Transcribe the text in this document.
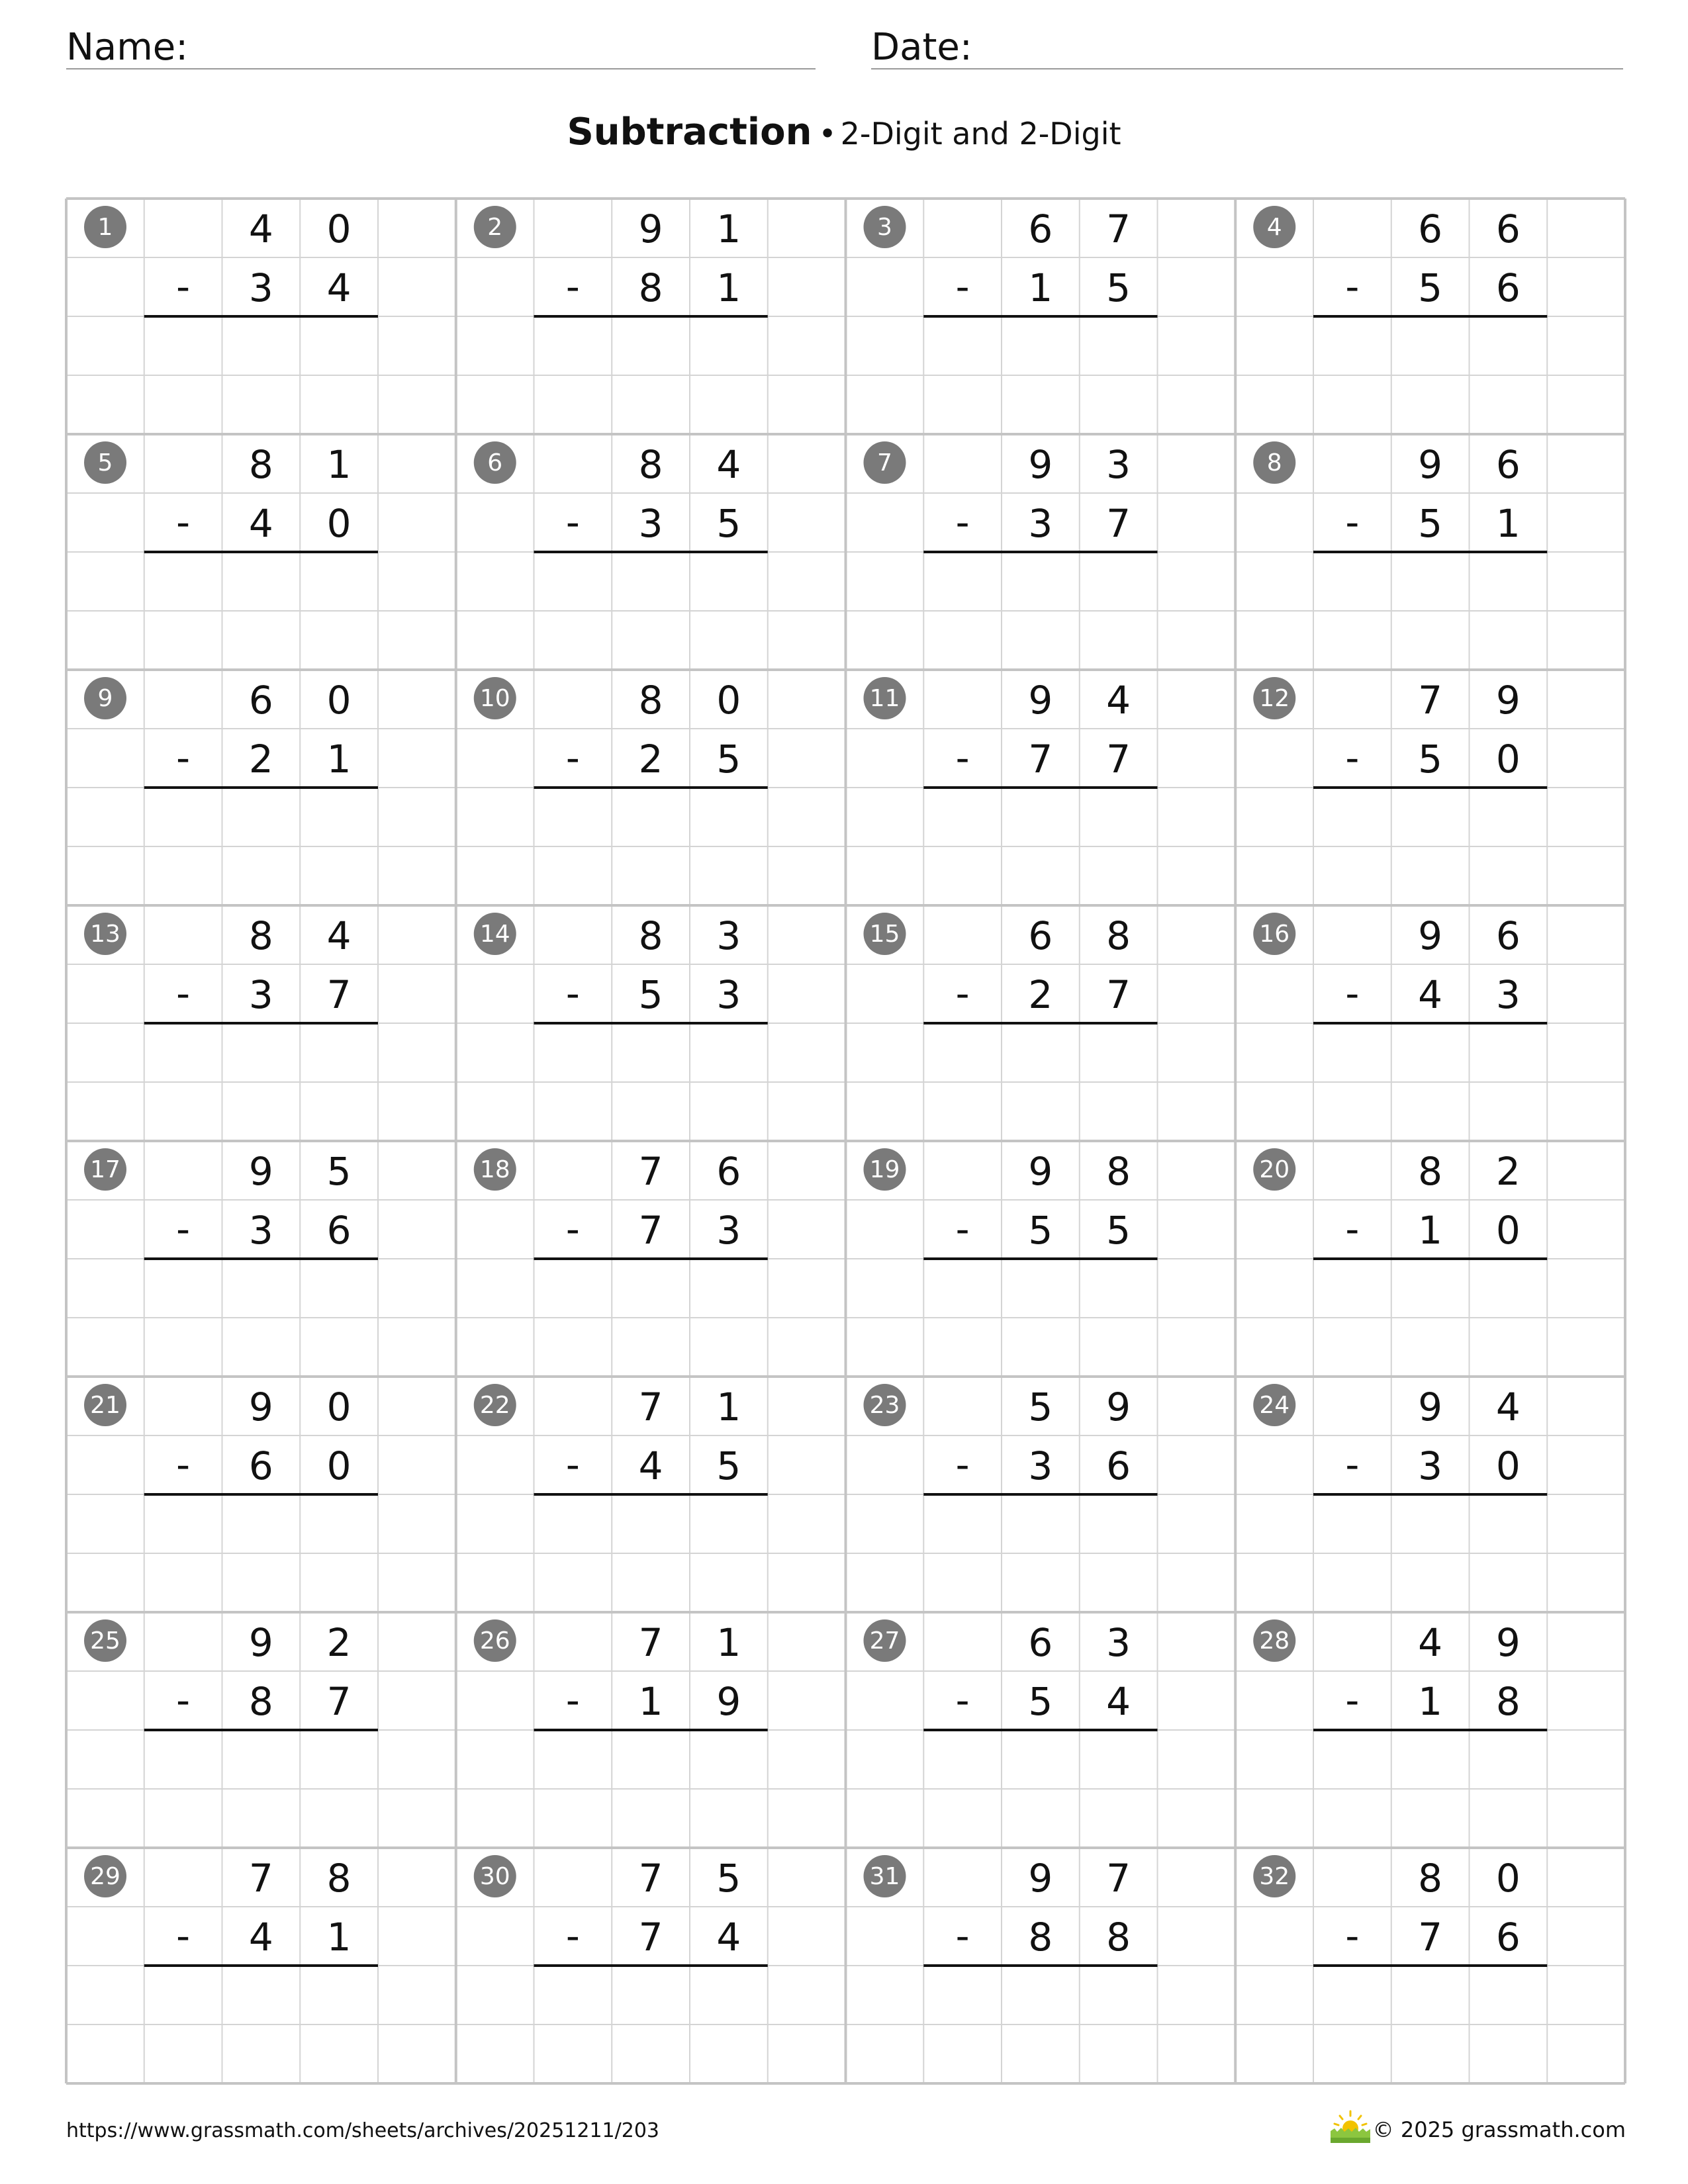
Name:	Date:
Subtraction • 2-Digit and 2-Digit
1	4 0
- 3 4
2	9 1
- 8 1
3	6 7
- 1 5
4	6 6
- 5 6
5	8 1
- 4 0
6	8 4
- 3 5
7	9 3
- 3 7
8	9 6
- 5 1
9	6 0
- 2 1
10	8 0
- 2 5
11	9 4
- 7 7
12	7 9
- 5 0
13	8 4
- 3 7
14	8 3
- 5 3
15	6 8
- 2 7
16	9 6
- 4 3
17	9 5
- 3 6
18	7 6
- 7 3
19	9 8
- 5 5
20	8 2
- 1 0
21	9 0
- 6 0
22	7 1
- 4 5
23	5 9
- 3 6
24	9 4
- 3 0
25	9 2
- 8 7
26	7 1
- 1 9
27	6 3
- 5 4
28	4 9
- 1 8
29	7 8
- 4 1
30	7 5
- 7 4
31	9 7
- 8 8
32	8 0
- 7 6
https://www.grassmath.com/sheets/archives/20251211/203	© 2025 grassmath.com
